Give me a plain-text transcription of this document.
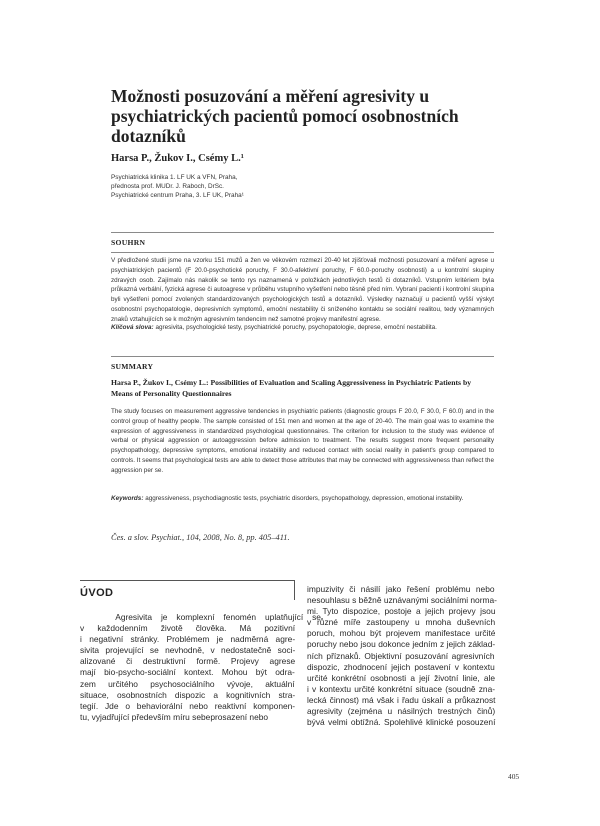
Možnosti posuzování a měření agresivity u psychiatrických pacientů pomocí osobnostních dotazníků
Harsa P., Žukov I., Csémy L.¹
Psychiatrická klinika 1. LF UK a VFN, Praha,
přednosta prof. MUDr. J. Raboch, DrSc.
Psychiatrické centrum Praha, 3. LF UK, Praha¹
SOUHRN
V předložené studii jsme na vzorku 151 mužů a žen ve věkovém rozmezí 20-40 let zjišťovali možnosti posuzovaní a měření agrese u psychiatrických pacientů (F 20.0-psychotické poruchy, F 30.0-afektivní poruchy, F 60.0-poruchy osobnosti) a u kontrolní skupiny zdravých osob. Zajímalo nás nakolik se tento rys naznamená v položkách jednotlivých testů či dotazníků. Vstupním kritériem byla průkazná verbální, fyzická agrese či autoagrese v průběhu vstupního vyšetření nebo těsně před ním. Vybraní pacienti i kontrolní skupina byli vyšetřeni pomocí zvolených standardizovaných psychologických testů a dotazníků. Výsledky naznačují u pacientů vyšší výskyt osobnostní psychopatologie, depresivních symptomů, emoční nestability či sníženého kontaktu se sociální realitou, tedy významných znaků vztahujících se k možným agresivním tendencím než samotné projevy manifestní agrese.
Klíčová slova: agresivita, psychologické testy, psychiatrické poruchy, psychopatologie, deprese, emoční nestabilita.
SUMMARY
Harsa P., Žukov I., Csémy L.: Possibilities of Evaluation and Scaling Aggressiveness in Psychiatric Patients by Means of Personality Questionnaires
The study focuses on measurement aggressive tendencies in psychiatric patients (diagnostic groups F 20.0, F 30.0, F 60.0) and in the control group of healthy people. The sample consisted of 151 men and women at the age of 20-40. The main goal was to examine the expression of aggressiveness in standardized psychological questionnaires. The criterion for inclusion to the study was evidence of verbal or physical aggression or autoaggression before admission to treatment. The results suggest more frequent personality psychopathology, depressive symptoms, emotional instability and reduced contact with social reality in patient's group compared to controls. It seems that psychological tests are able to detect those attributes that may be connected with aggressiveness than reflect the aggression per se.
Keywords: aggressiveness, psychodiagnostic tests, psychiatric disorders, psychopathology, depression, emotional instability.
Čes. a slov. Psychiat., 104, 2008, No. 8, pp. 405–411.
ÚVOD
Agresivita je komplexní fenomén uplatňující se
v každodenním životě člověka. Má pozitivní
i negativní stránky. Problémem je nadměrná agre-
sivita projevující se nevhodně, v nedostatečně soci-
alizované či destruktivní formě. Projevy agrese
mají bio-psycho-sociální kontext. Mohou být odra-
zem určitého psychosociálního vývoje, aktuální
situace, osobnostních dispozic a kognitivních stra-
tegií. Jde o behaviorální nebo reaktivní komponen-
tu, vyjadřující především míru sebeprosazení nebo
impuzivity či násilí jako řešení problému nebo
nesouhlasu s běžně uznávanými sociálními norma-
mi. Tyto dispozice, postoje a jejich projevy jsou
v různé míře zastoupeny u mnoha duševních
poruch, mohou být projevem manifestace určité
poruchy nebo jsou dokonce jedním z jejich základ-
ních příznaků. Objektivní posuzování agresivních
dispozic, zhodnocení jejich postavení v kontextu
určité konkrétní osobnosti a její životní linie, ale
i v kontextu určité konkrétní situace (soudně zna-
lecká činnost) má však i řadu úskalí a průkaznost
agresivity (zejména u násilných trestných činů)
bývá velmi obtížná. Spolehlivé klinické posouzení
405
